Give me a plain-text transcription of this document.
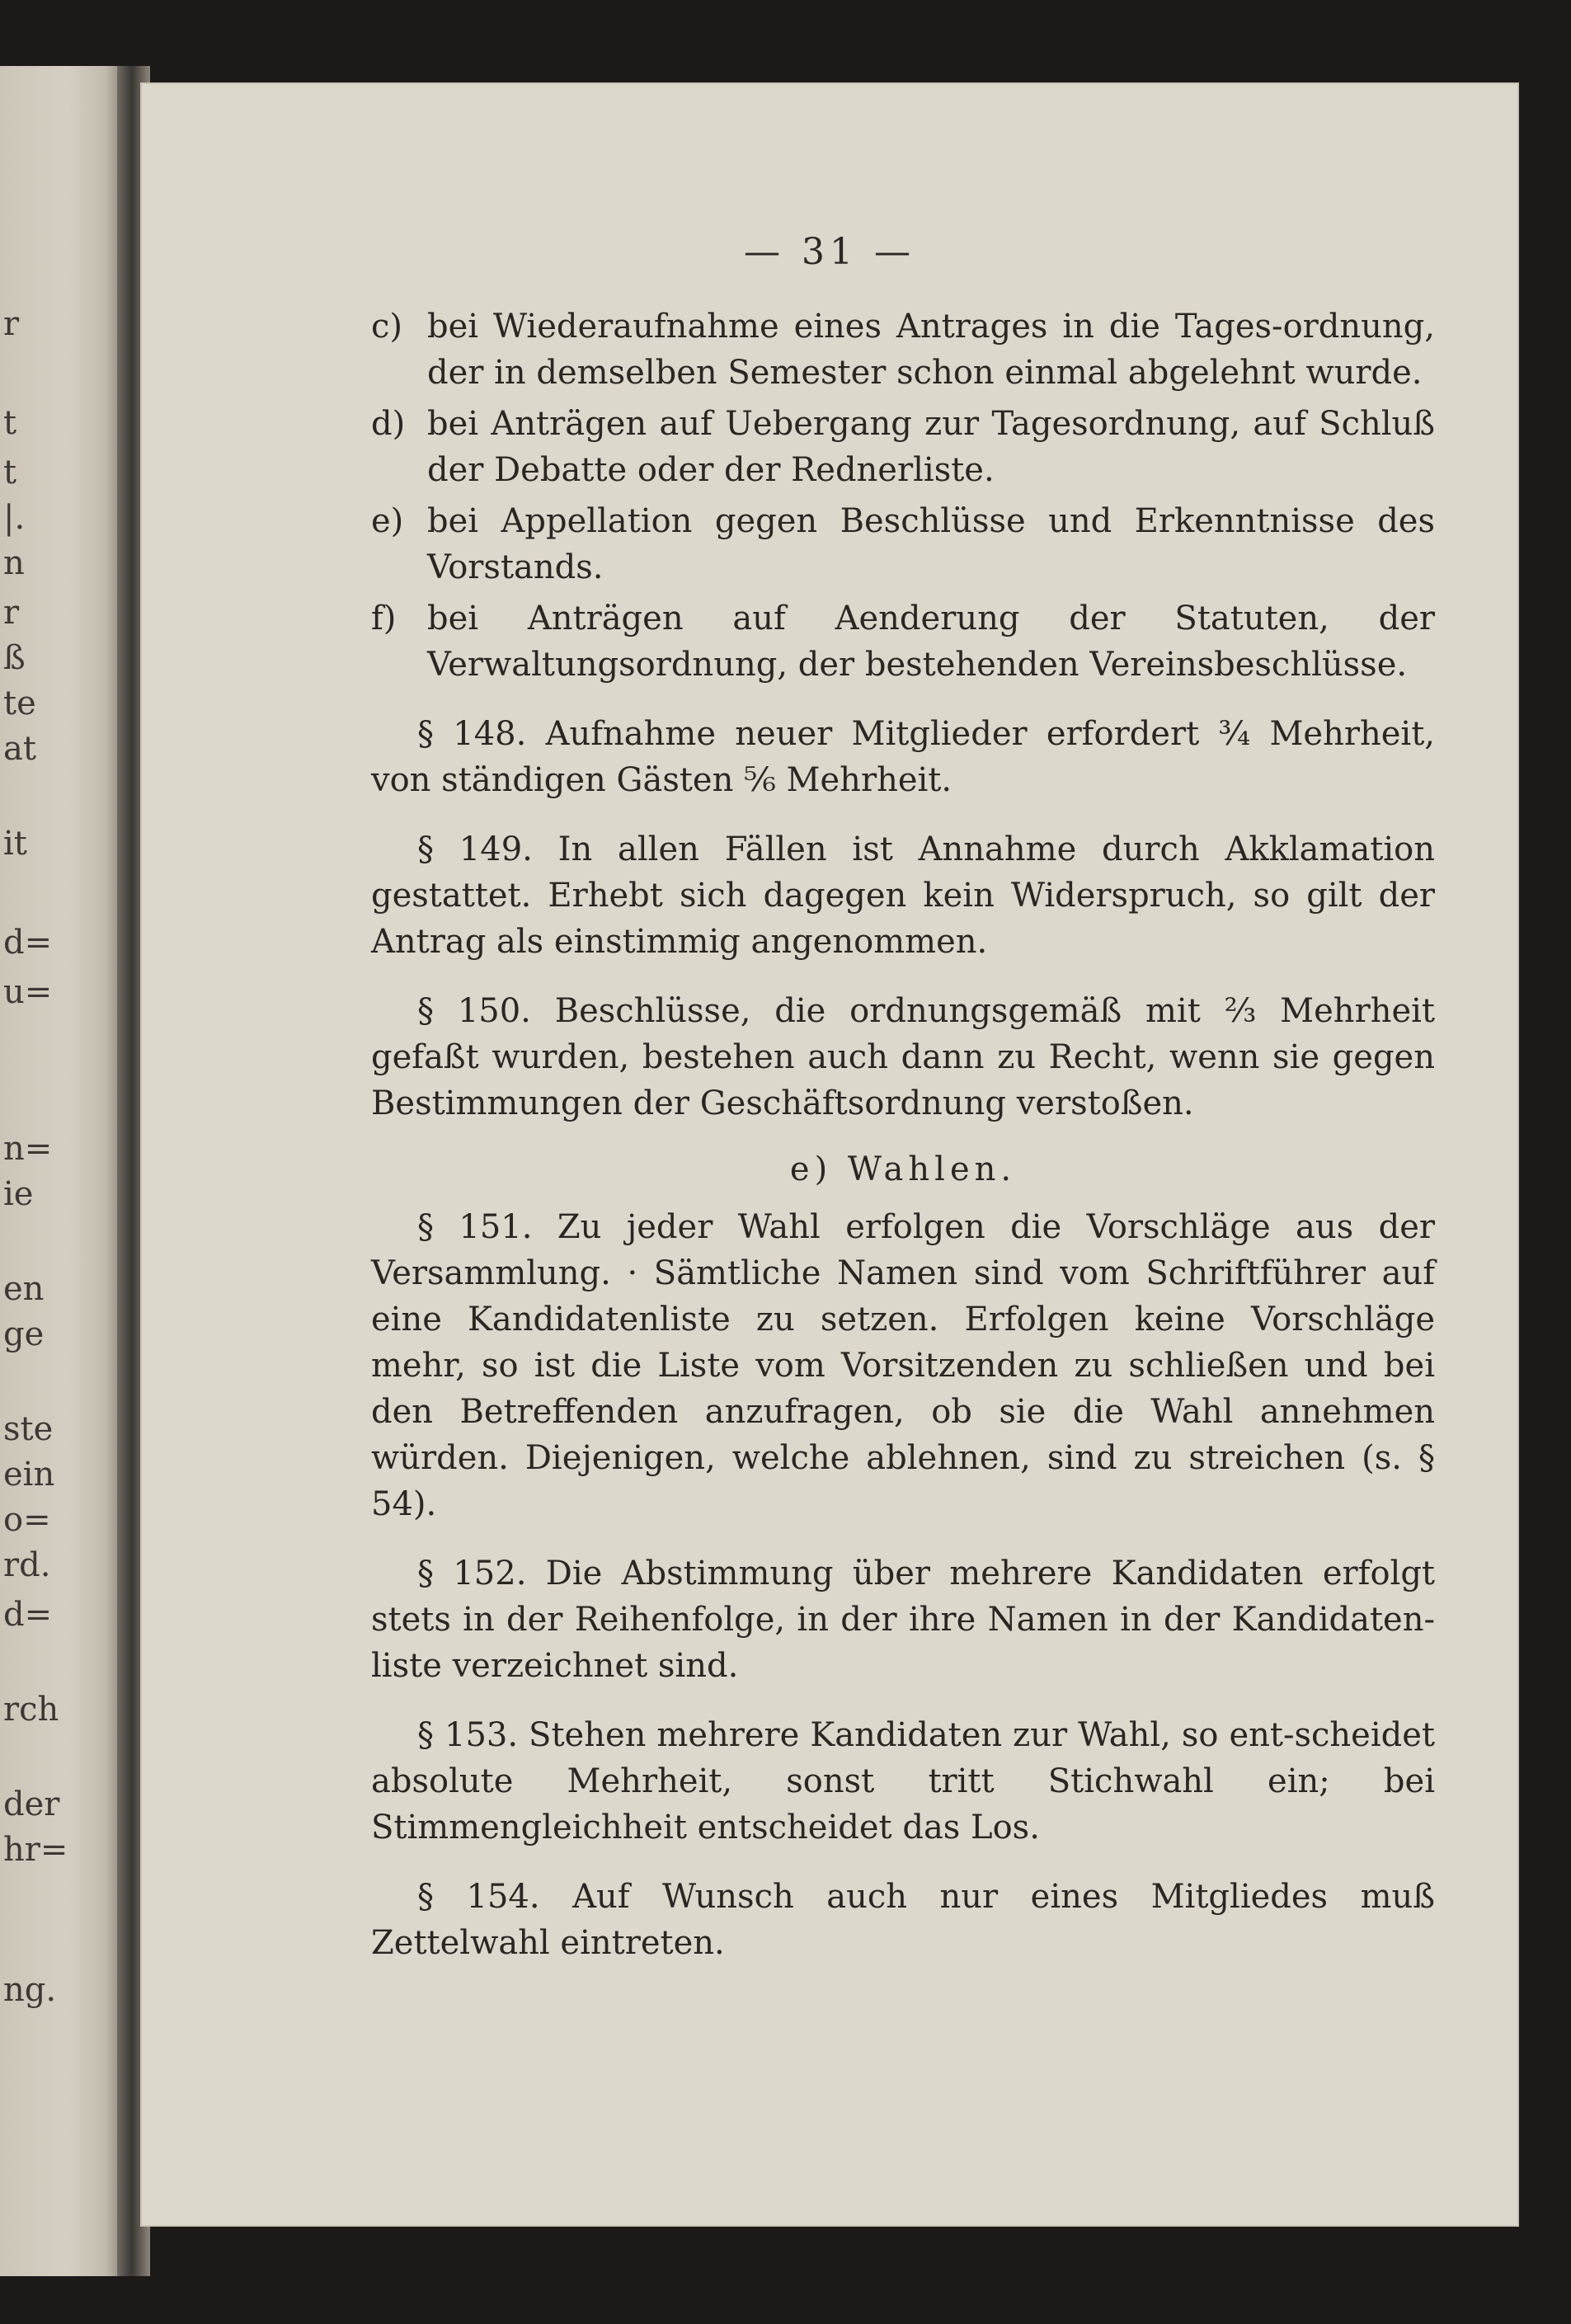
r
t
t
|.
n
r
ß
te
at
it
d=
u=
n=
ie
en
ge
ste
ein
o=
rd.
d=
rch
der
hr=
ng.
— 31 —
c) bei Wiederaufnahme eines Antrages in die Tages-ordnung, der in demselben Semester schon einmal abgelehnt wurde.
d) bei Anträgen auf Uebergang zur Tagesordnung, auf Schluß der Debatte oder der Rednerliste.
e) bei Appellation gegen Beschlüsse und Erkenntnisse des Vorstands.
f) bei Anträgen auf Aenderung der Statuten, der Verwaltungsordnung, der bestehenden Vereinsbeschlüsse.
§ 148. Aufnahme neuer Mitglieder erfordert ¾ Mehrheit, von ständigen Gästen ⅚ Mehrheit.
§ 149. In allen Fällen ist Annahme durch Akklamation gestattet. Erhebt sich dagegen kein Widerspruch, so gilt der Antrag als einstimmig angenommen.
§ 150. Beschlüsse, die ordnungsgemäß mit ⅔ Mehrheit gefaßt wurden, bestehen auch dann zu Recht, wenn sie gegen Bestimmungen der Geschäftsordnung verstoßen.
e) Wahlen.
§ 151. Zu jeder Wahl erfolgen die Vorschläge aus der Versammlung. · Sämtliche Namen sind vom Schriftführer auf eine Kandidatenliste zu setzen. Erfolgen keine Vorschläge mehr, so ist die Liste vom Vorsitzenden zu schließen und bei den Betreffenden anzufragen, ob sie die Wahl annehmen würden. Diejenigen, welche ablehnen, sind zu streichen (s. § 54).
§ 152. Die Abstimmung über mehrere Kandidaten erfolgt stets in der Reihenfolge, in der ihre Namen in der Kandidaten-liste verzeichnet sind.
§ 153. Stehen mehrere Kandidaten zur Wahl, so ent-scheidet absolute Mehrheit, sonst tritt Stichwahl ein; bei Stimmengleichheit entscheidet das Los.
§ 154. Auf Wunsch auch nur eines Mitgliedes muß Zettelwahl eintreten.
